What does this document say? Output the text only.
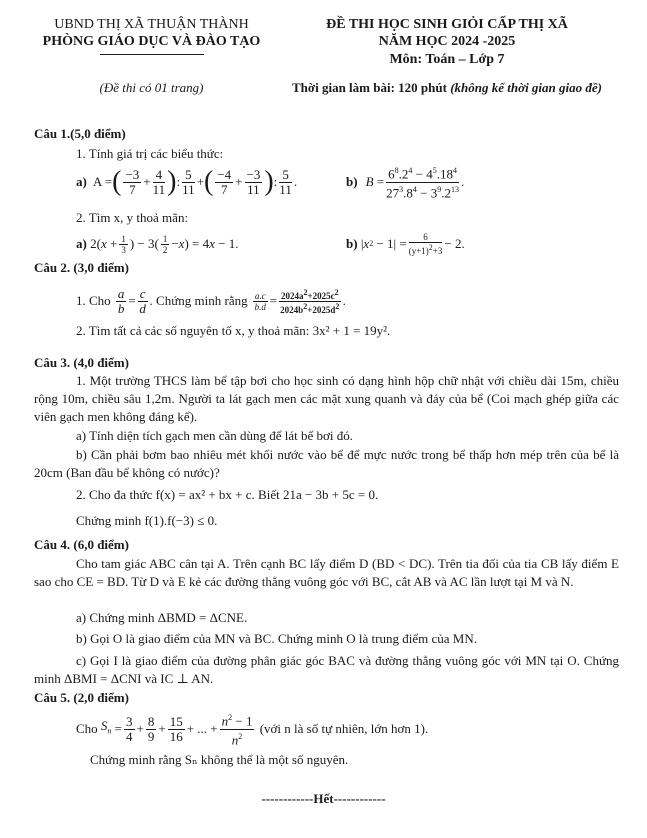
UBND THỊ XÃ THUẬN THÀNH
PHÒNG GIÁO DỤC VÀ ĐÀO TẠO
(Đề thi có 01 trang)
ĐỀ THI HỌC SINH GIỎI CẤP THỊ XÃ
NĂM HỌC 2024 -2025
Môn: Toán – Lớp 7
Thời gian làm bài: 120 phút (không kể thời gian giao đề)
Câu 1.(5,0 điểm)
1. Tính giá trị các biểu thức:
a) A = ( $\frac{-3}{7} + \frac{4}{11}$ ) : $\frac{5}{11}$ + ( $\frac{-4}{7} + \frac{-3}{11}$ ) : $\frac{5}{11}$ .	b) $B = \frac{6^8.2^4 - 4^5.18^4}{27^3.8^4 - 3^9.2^{13}}$ .
2. Tìm x, y thoả mãn:
a) 2( $x + \frac{1}{3}$ ) − $3( \frac{1}{2} - x$ ) = 4 x − 1.	b) | x $2 - 1| = \frac{6}{(y+1)^2+3} - 2$.
Câu 2. (3,0 điểm)
1. Cho
$\frac{a}{b} = \frac{c}{d}$ . Chứng minh rằng
$\frac{a.c}{b.d} = \frac{2024a^2+2025c^2}{2024b^2+2025d^2}$ .
2. Tìm tất cả các số nguyên tố x, y thoả mãn: 3x² + 1 = 19y².
Câu 3. (4,0 điểm)
1. Một trường THCS làm bể tập bơi cho học sinh có dạng hình hộp chữ nhật với chiều dài 15m, chiều rộng 10m, chiều sâu 1,2m. Người ta lát gạch men các mặt xung quanh và đáy của bể (Coi mạch ghép giữa các viên gạch men không đáng kể).
a) Tính diện tích gạch men cần dùng để lát bể bơi đó.
b) Cần phải bơm bao nhiêu mét khối nước vào bể để mực nước trong bể thấp hơn mép trên của bể là 20cm (Ban đầu bể không có nước)?
2. Cho đa thức f(x) = ax² + bx + c. Biết 21a − 3b + 5c = 0.
Chứng minh f(1).f(−3) ≤ 0.
Câu 4. (6,0 điểm)
Cho tam giác ABC cân tại A. Trên cạnh BC lấy điểm D (BD < DC). Trên tia đối của tia CB lấy điểm E sao cho CE = BD. Từ D và E kẻ các đường thẳng vuông góc với BC, cắt AB và AC lần lượt tại M và N.
a) Chứng minh ΔBMD = ΔCNE.
b) Gọi O là giao điểm của MN và BC. Chứng minh O là trung điểm của MN.
c) Gọi I là giao điểm của đường phân giác góc BAC và đường thẳng vuông góc với MN tại O. Chứng minh ΔBMI = ΔCNI và IC ⊥ AN.
Câu 5. (2,0 điểm)
Cho
$S_n = \frac{3}{4} + \frac{8}{9} + \frac{15}{16}$ + ... + $\frac{n^2 - 1}{n^2}$
(với n là số tự nhiên, lớn hơn 1).
Chứng minh rằng Sₙ không thể là một số nguyên.
------------Hết------------
